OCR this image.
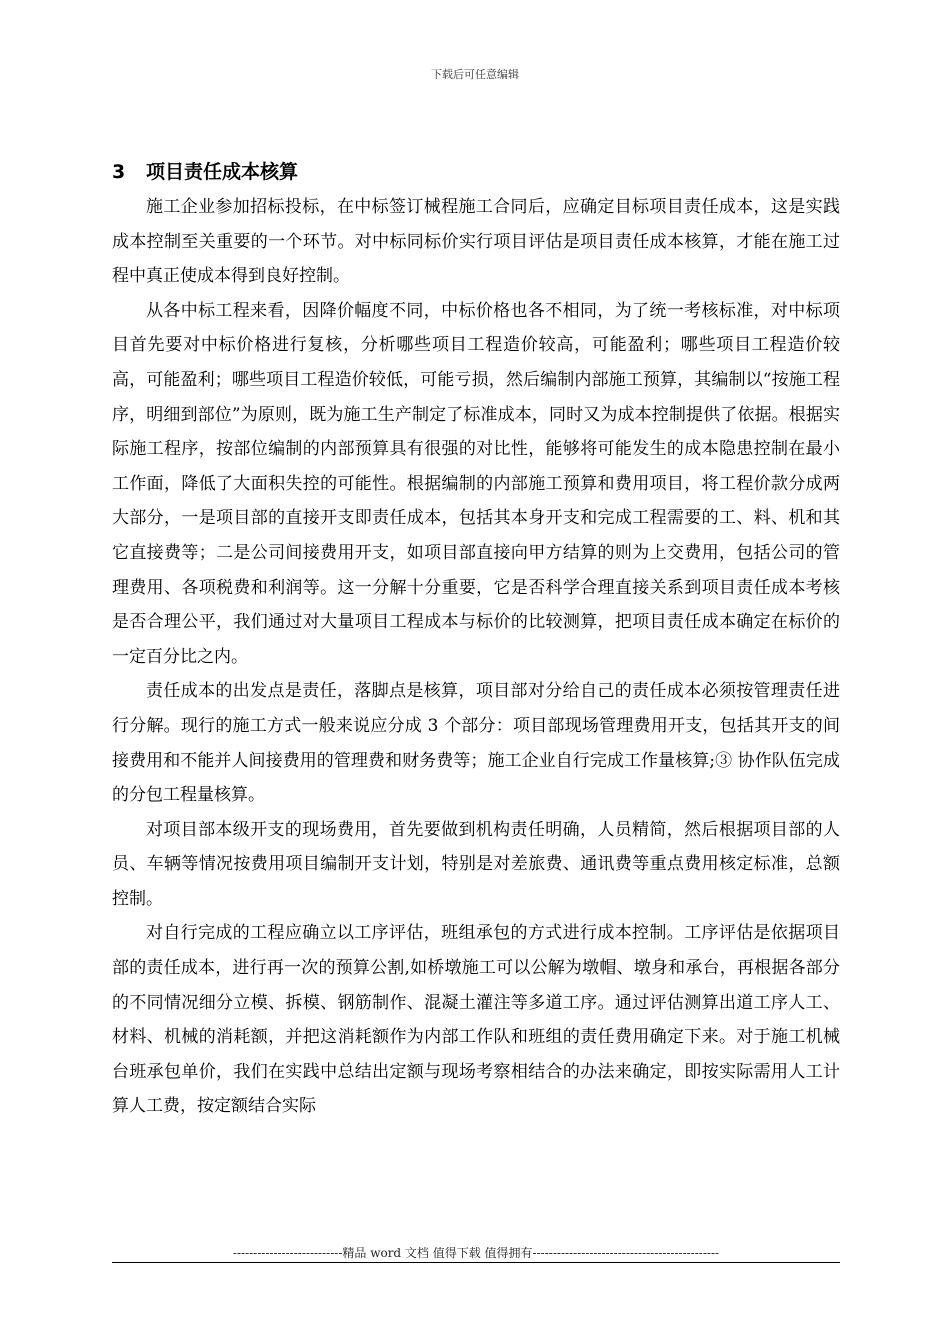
下载后可任意编辑
3 项目责任成本核算

施工企业参加招标投标，在中标签订械程施工合同后，应确定目标项目责任成本，这是实践成本控制至关重要的一个环节。对中标同标价实行项目评估是项目责任成本核算，才能在施工过程中真正使成本得到良好控制。

从各中标工程来看，因降价幅度不同，中标价格也各不相同，为了统一考核标准，对中标项目首先要对中标价格进行复核，分析哪些项目工程造价较高，可能盈利；哪些项目工程造价较高，可能盈利；哪些项目工程造价较低，可能亏损，然后编制内部施工预算，其编制以“按施工程序，明细到部位”为原则，既为施工生产制定了标准成本，同时又为成本控制提供了依据。根据实际施工程序，按部位编制的内部预算具有很强的对比性，能够将可能发生的成本隐患控制在最小工作面，降低了大面积失控的可能性。根据编制的内部施工预算和费用项目，将工程价款分成两大部分，一是项目部的直接开支即责任成本，包括其本身开支和完成工程需要的工、料、机和其它直接费等；二是公司间接费用开支，如项目部直接向甲方结算的则为上交费用，包括公司的管理费用、各项税费和利润等。这一分解十分重要，它是否科学合理直接关系到项目责任成本考核是否合理公平，我们通过对大量项目工程成本与标价的比较测算，把项目责任成本确定在标价的一定百分比之内。

责任成本的出发点是责任，落脚点是核算，项目部对分给自己的责任成本必须按管理责任进行分解。现行的施工方式一般来说应分成 3 个部分：项目部现场管理费用开支，包括其开支的间接费用和不能并人间接费用的管理费和财务费等；施工企业自行完成工作量核算;③ 协作队伍完成的分包工程量核算。

对项目部本级开支的现场费用，首先要做到机构责任明确，人员精简，然后根据项目部的人员、车辆等情况按费用项目编制开支计划，特别是对差旅费、通讯费等重点费用核定标准，总额控制。

对自行完成的工程应确立以工序评估，班组承包的方式进行成本控制。工序评估是依据项目部的责任成本，进行再一次的预算公割,如桥墩施工可以公解为墩帽、墩身和承台，再根据各部分的不同情况细分立模、拆模、钢筋制作、混凝土灌注等多道工序。通过评估测算出道工序人工、材料、机械的消耗额，并把这消耗额作为内部工作队和班组的责任费用确定下来。对于施工机械台班承包单价，我们在实践中总结出定额与现场考察相结合的办法来确定，即按实际需用人工计算人工费，按定额结合实际

---------------------------精品 word 文档 值得下载 值得拥有----------------------------------------------
